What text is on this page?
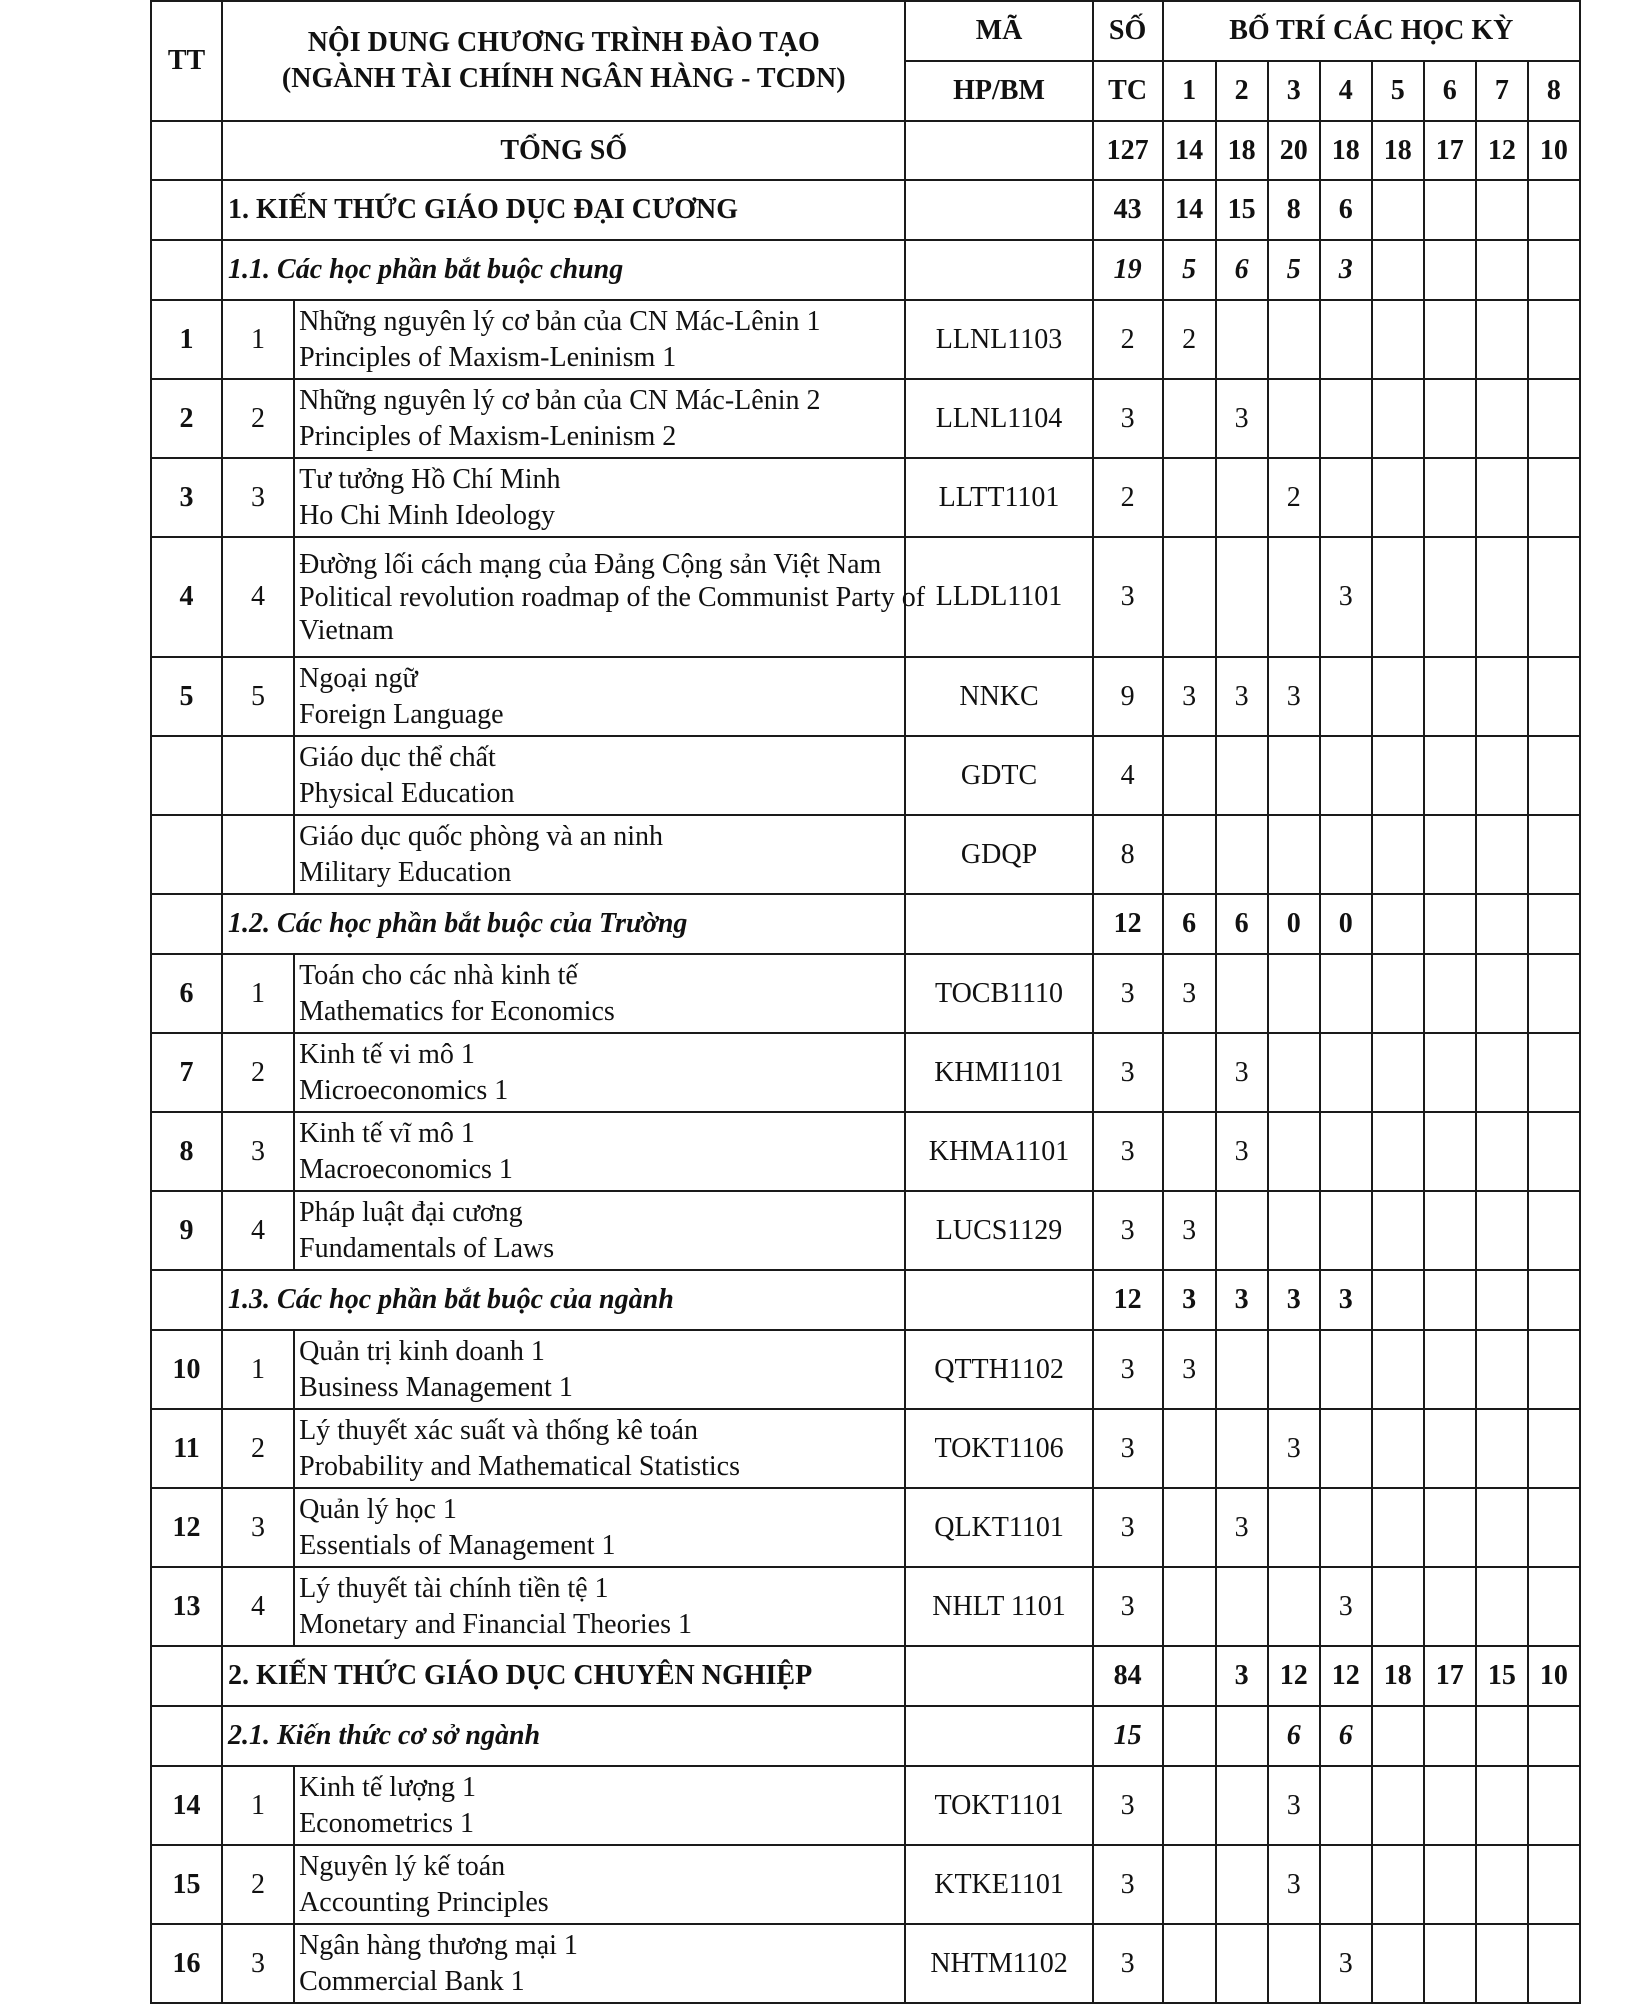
TT	NỘI DUNG CHƯƠNG TRÌNH ĐÀO TẠO
(NGÀNH TÀI CHÍNH NGÂN HÀNG - TCDN)		MÃ	SỐ	BỐ TRÍ CÁC HỌC KỲ							
			HP/BM	TC	1	2	3	4	5	6	7	8
	TỔNG SỐ			127	14	18	20	18	18	17	12	10
	1. KIẾN THỨC GIÁO DỤC ĐẠI CƯƠNG			43	14	15	8	6				
	1.1. Các học phần bắt buộc chung			19	5	6	5	3				
1	1	Những nguyên lý cơ bản của CN Mác-Lênin 1
Principles of Maxism-Leninism 1	LLNL1103	2	2							
2	2	Những nguyên lý cơ bản của CN Mác-Lênin 2
Principles of Maxism-Leninism 2	LLNL1104	3		3						
3	3	Tư tưởng Hồ Chí Minh
Ho Chi Minh Ideology	LLTT1101	2			2					
4	4	Đường lối cách mạng của Đảng Cộng sản Việt Nam
Political revolution roadmap of the Communist Party of
Vietnam	LLDL1101	3				3				
5	5	Ngoại ngữ
Foreign Language	NNKC	9	3	3	3					

		Giáo dục thể chất
Physical Education	GDTC	4								

		Giáo dục quốc phòng và an ninh
Military Education	GDQP	8								
	1.2. Các học phần bắt buộc của Trường			12	6	6	0	0				
6	1	Toán cho các nhà kinh tế
Mathematics for Economics	TOCB1110	3	3							
7	2	Kinh tế vi mô 1
Microeconomics 1	KHMI1101	3		3						
8	3	Kinh tế vĩ mô 1
Macroeconomics 1	KHMA1101	3		3						
9	4	Pháp luật đại cương
Fundamentals of Laws	LUCS1129	3	3							
	1.3. Các học phần bắt buộc của ngành			12	3	3	3	3				
10	1	Quản trị kinh doanh 1
Business Management 1	QTTH1102	3	3							
11	2	Lý thuyết xác suất và thống kê toán
Probability and Mathematical Statistics	TOKT1106	3			3					
12	3	Quản lý học 1
Essentials of Management 1	QLKT1101	3		3						
13	4	Lý thuyết tài chính tiền tệ 1
Monetary and Financial Theories 1	NHLT 1101	3				3				
	2. KIẾN THỨC GIÁO DỤC CHUYÊN NGHIỆP			84		3	12	12	18	17	15	10
	2.1. Kiến thức cơ sở ngành			15			6	6				
14	1	Kinh tế lượng 1
Econometrics 1	TOKT1101	3			3					
15	2	Nguyên lý kế toán
Accounting Principles	KTKE1101	3			3					
16	3	Ngân hàng thương mại 1
Commercial Bank 1	NHTM1102	3				3				
